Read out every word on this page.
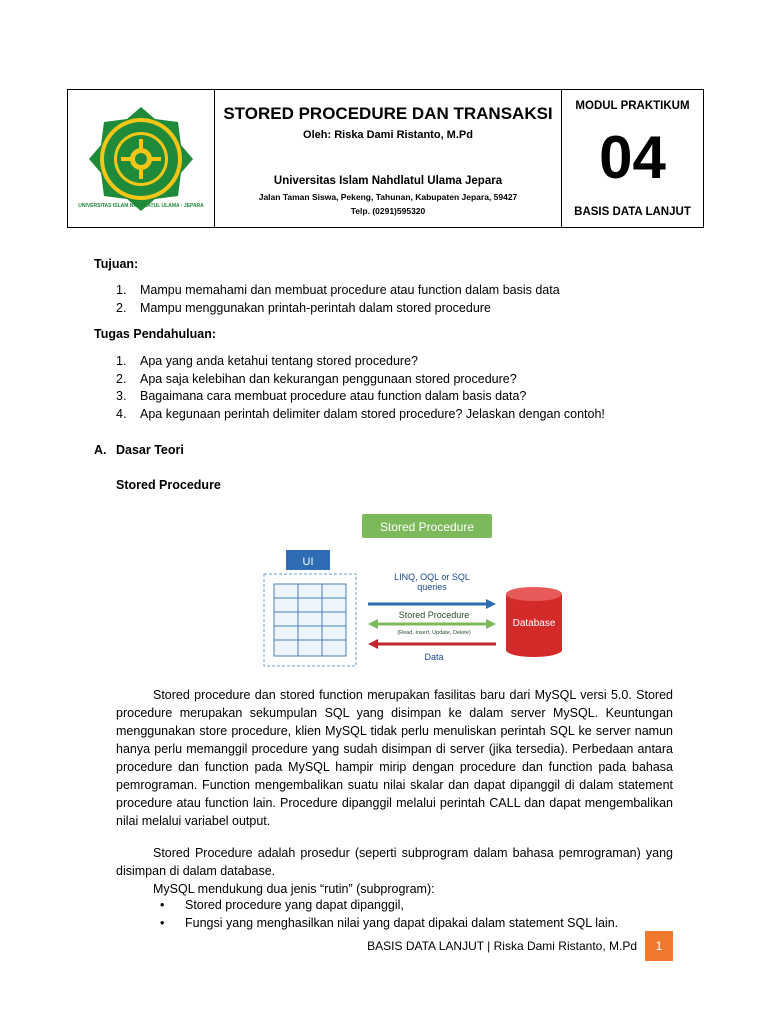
UNIVERSITAS ISLAM NAHDLATUL ULAMA · JEPARA
STORED PROCEDURE DAN TRANSAKSI
Oleh: Riska Dami Ristanto, M.Pd
Universitas Islam Nahdlatul Ulama Jepara
Jalan Taman Siswa, Pekeng, Tahunan, Kabupaten Jepara, 59427
Telp. (0291)595320
MODUL PRAKTIKUM
04
BASIS DATA LANJUT
Tujuan:
1.	Mampu memahami dan membuat procedure atau function dalam basis data
2.	Mampu menggunakan printah-perintah dalam stored procedure
Tugas Pendahuluan:
1.	Apa yang anda ketahui tentang stored procedure?
2.	Apa saja kelebihan dan kekurangan penggunaan stored procedure?
3.	Bagaimana cara membuat procedure atau function dalam basis data?
4.	Apa kegunaan perintah delimiter dalam stored procedure? Jelaskan dengan contoh!
A. Dasar Teori
Stored Procedure
Stored Procedure
UI
LINQ, OQL or SQL
queries
Stored Procedure
(Read, Insert, Update, Delete)
Data
Database

Stored procedure dan stored function merupakan fasilitas baru dari MySQL versi 5.0. Stored procedure merupakan sekumpulan SQL yang disimpan ke dalam server MySQL. Keuntungan menggunakan store procedure, klien MySQL tidak perlu menuliskan perintah SQL ke server namun hanya perlu memanggil procedure yang sudah disimpan di server (jika tersedia). Perbedaan antara procedure dan function pada MySQL hampir mirip dengan procedure dan function pada bahasa pemrograman. Function mengembalikan suatu nilai skalar dan dapat dipanggil di dalam statement procedure atau function lain. Procedure dipanggil melalui perintah CALL dan dapat mengembalikan nilai melalui variabel output.

Stored Procedure adalah prosedur (seperti subprogram dalam bahasa pemrograman) yang disimpan di dalam database.

MySQL mendukung dua jenis “rutin” (subprogram):

• Stored procedure yang dapat dipanggil,
• Fungsi yang menghasilkan nilai yang dapat dipakai dalam statement SQL lain.
BASIS DATA LANJUT | Riska Dami Ristanto, M.Pd	1
